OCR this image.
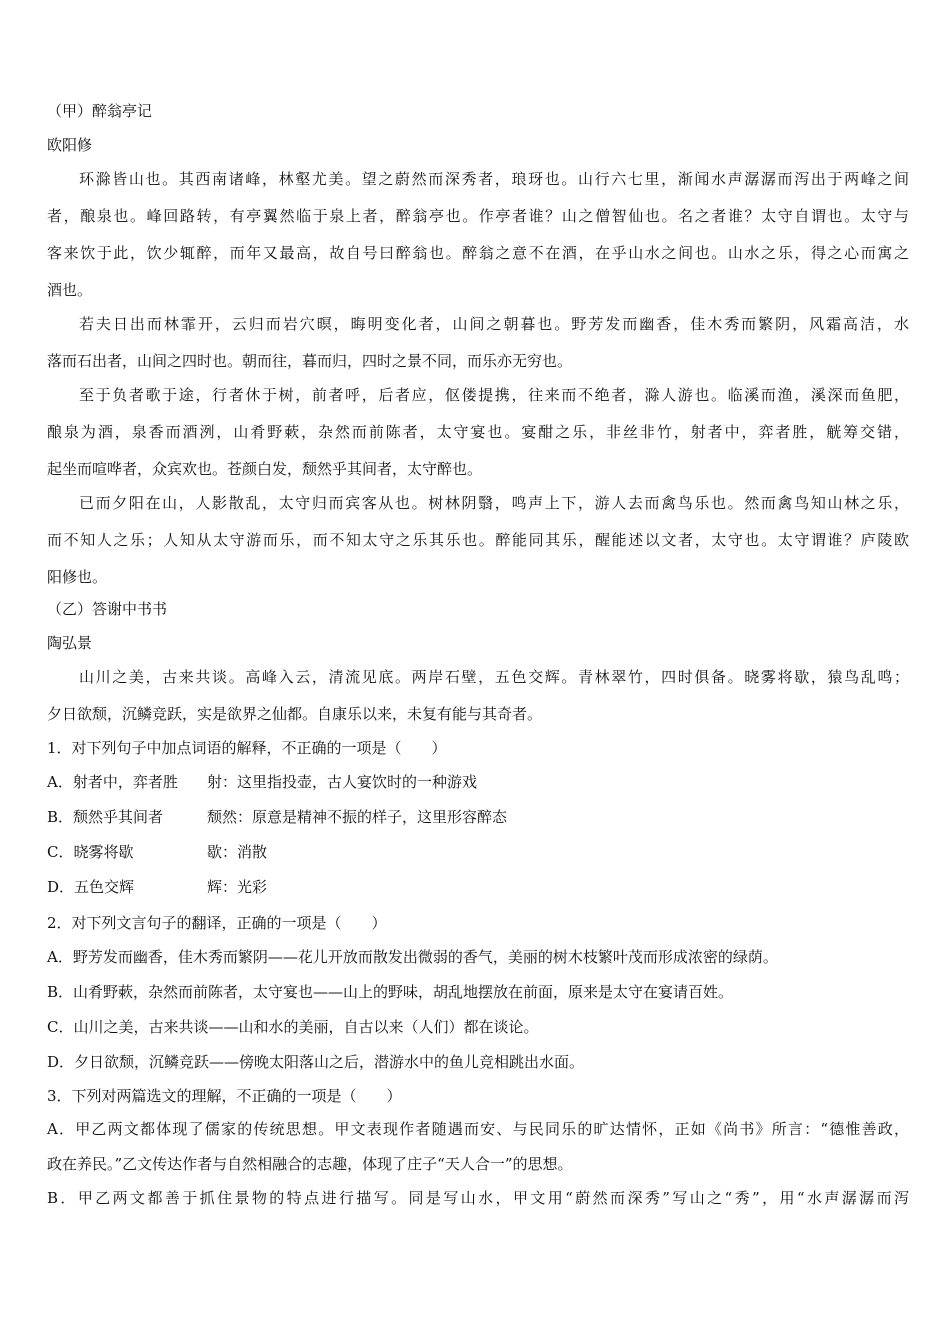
（甲）醉翁亭记
欧阳修
环滁皆山也。其西南诸峰，林壑尤美。望之蔚然而深秀者，琅玡也。山行六七里，渐闻水声潺潺而泻出于两峰之间
者，酿泉也。峰回路转，有亭翼然临于泉上者，醉翁亭也。作亭者谁？山之僧智仙也。名之者谁？太守自谓也。太守与
客来饮于此，饮少辄醉，而年又最高，故自号曰醉翁也。醉翁之意不在酒，在乎山水之间也。山水之乐，得之心而寓之
酒也。
若夫日出而林霏开，云归而岩穴暝，晦明变化者，山间之朝暮也。野芳发而幽香，佳木秀而繁阴，风霜高洁，水
落而石出者，山间之四时也。朝而往，暮而归，四时之景不同，而乐亦无穷也。
至于负者歌于途，行者休于树，前者呼，后者应，伛偻提携，往来而不绝者，滁人游也。临溪而渔，溪深而鱼肥，
酿泉为酒，泉香而酒洌，山肴野蔌，杂然而前陈者，太守宴也。宴酣之乐，非丝非竹，射者中，弈者胜，觥筹交错，
起坐而喧哗者，众宾欢也。苍颜白发，颓然乎其间者，太守醉也。
已而夕阳在山，人影散乱，太守归而宾客从也。树林阴翳，鸣声上下，游人去而禽鸟乐也。然而禽鸟知山林之乐，
而不知人之乐；人知从太守游而乐，而不知太守之乐其乐也。醉能同其乐，醒能述以文者，太守也。太守谓谁？庐陵欧
阳修也。
（乙）答谢中书书
陶弘景
山川之美，古来共谈。高峰入云，清流见底。两岸石壁，五色交辉。青林翠竹，四时俱备。晓雾将歇，猿鸟乱鸣；
夕日欲颓，沉鳞竞跃，实是欲界之仙都。自康乐以来，未复有能与其奇者。
1．对下列句子中加点词语的解释，不正确的一项是（　　）
A．射者中，弈者胜 射：这里指投壶，古人宴饮时的一种游戏
B．颓然乎其间者	颓然：原意是精神不振的样子，这里形容醉态
C．晓雾将歇	歇：消散
D．五色交辉	辉：光彩
2．对下列文言句子的翻译，正确的一项是（　　）
A．野芳发而幽香，佳木秀而繁阴——花儿开放而散发出微弱的香气，美丽的树木枝繁叶茂而形成浓密的绿荫。
B．山肴野蔌，杂然而前陈者，太守宴也——山上的野味，胡乱地摆放在前面，原来是太守在宴请百姓。
C．山川之美，古来共谈——山和水的美丽，自古以来（人们）都在谈论。
D．夕日欲颓，沉鳞竞跃——傍晚太阳落山之后，潜游水中的鱼儿竞相跳出水面。
3．下列对两篇选文的理解，不正确的一项是（　　）
A．甲乙两文都体现了儒家的传统思想。甲文表现作者随遇而安、与民同乐的旷达情怀，正如《尚书》所言：“德惟善政，
政在养民。”乙文传达作者与自然相融合的志趣，体现了庄子“天人合一”的思想。
B．甲乙两文都善于抓住景物的特点进行描写。同是写山水，甲文用“蔚然而深秀”写山之“秀”，用“水声潺潺而泻
